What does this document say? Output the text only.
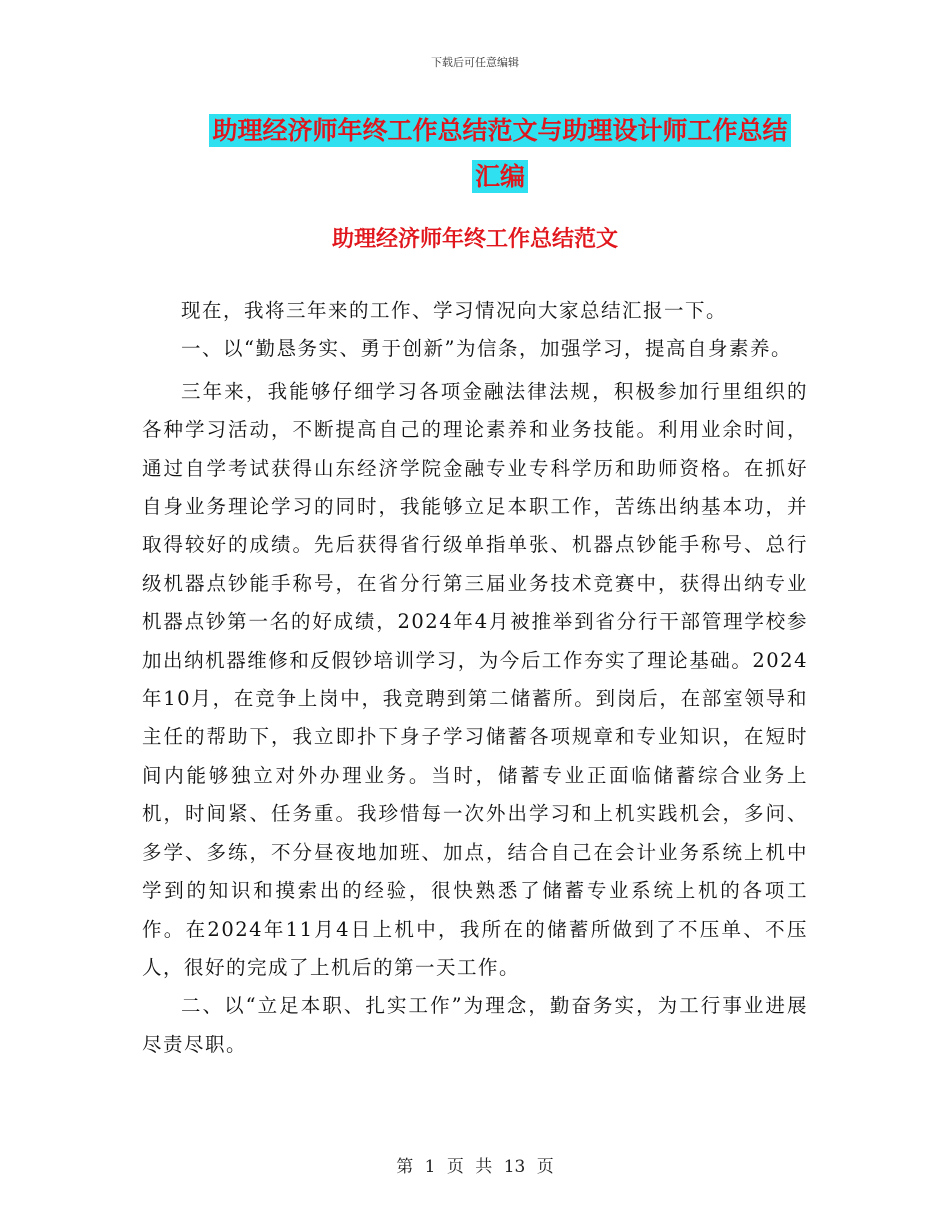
下载后可任意编辑
助理经济师年终工作总结范文与助理设计师工作总结
汇编
助理经济师年终工作总结范文

现在，我将三年来的工作、学习情况向大家总结汇报一下。

一、以“勤恳务实、勇于创新”为信条，加强学习，提高自身素养。

三年来，我能够仔细学习各项金融法律法规，积极参加行里组织的各种学习活动，不断提高自己的理论素养和业务技能。利用业余时间，通过自学考试获得山东经济学院金融专业专科学历和助师资格。在抓好自身业务理论学习的同时，我能够立足本职工作，苦练出纳基本功，并取得较好的成绩。先后获得省行级单指单张、机器点钞能手称号、总行级机器点钞能手称号，在省分行第三届业务技术竞赛中，获得出纳专业机器点钞第一名的好成绩，2024年4月被推举到省分行干部管理学校参加出纳机器维修和反假钞培训学习，为今后工作夯实了理论基础。2024年10月，在竞争上岗中，我竞聘到第二储蓄所。到岗后，在部室领导和主任的帮助下，我立即扑下身子学习储蓄各项规章和专业知识，在短时间内能够独立对外办理业务。当时，储蓄专业正面临储蓄综合业务上机，时间紧、任务重。我珍惜每一次外出学习和上机实践机会，多问、多学、多练，不分昼夜地加班、加点，结合自己在会计业务系统上机中学到的知识和摸索出的经验，很快熟悉了储蓄专业系统上机的各项工作。在2024年11月4日上机中，我所在的储蓄所做到了不压单、不压人，很好的完成了上机后的第一天工作。

二、以“立足本职、扎实工作”为理念，勤奋务实，为工行事业进展尽责尽职。

第 1 页 共 13 页
